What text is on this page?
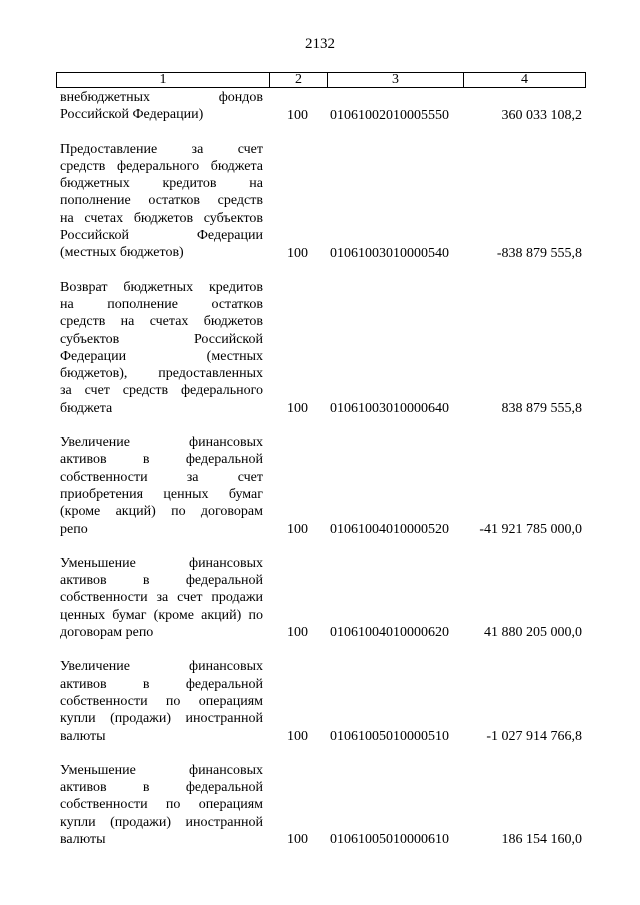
2132
1	2	3	4
внебюджетных фондов
Российской Федерации)	100	01061002010005550	360 033 108,2
Предоставление за счет
средств федерального бюджета
бюджетных кредитов на
пополнение остатков средств
на счетах бюджетов субъектов
Российской Федерации
(местных бюджетов)	100	01061003010000540	-838 879 555,8
Возврат бюджетных кредитов
на пополнение остатков
средств на счетах бюджетов
субъектов Российской
Федерации (местных
бюджетов), предоставленных
за счет средств федерального
бюджета	100	01061003010000640	838 879 555,8
Увеличение финансовых
активов в федеральной
собственности за счет
приобретения ценных бумаг
(кроме акций) по договорам
репо	100	01061004010000520 -41 921 785 000,0
Уменьшение финансовых
активов в федеральной
собственности за счет продажи
ценных бумаг (кроме акций) по
договорам репо	100	01061004010000620	41 880 205 000,0
Увеличение финансовых
активов в федеральной
собственности по операциям
купли (продажи) иностранной
валюты	100	01061005010000510	-1 027 914 766,8
Уменьшение финансовых
активов в федеральной
собственности по операциям
купли (продажи) иностранной
валюты	100	01061005010000610	186 154 160,0
